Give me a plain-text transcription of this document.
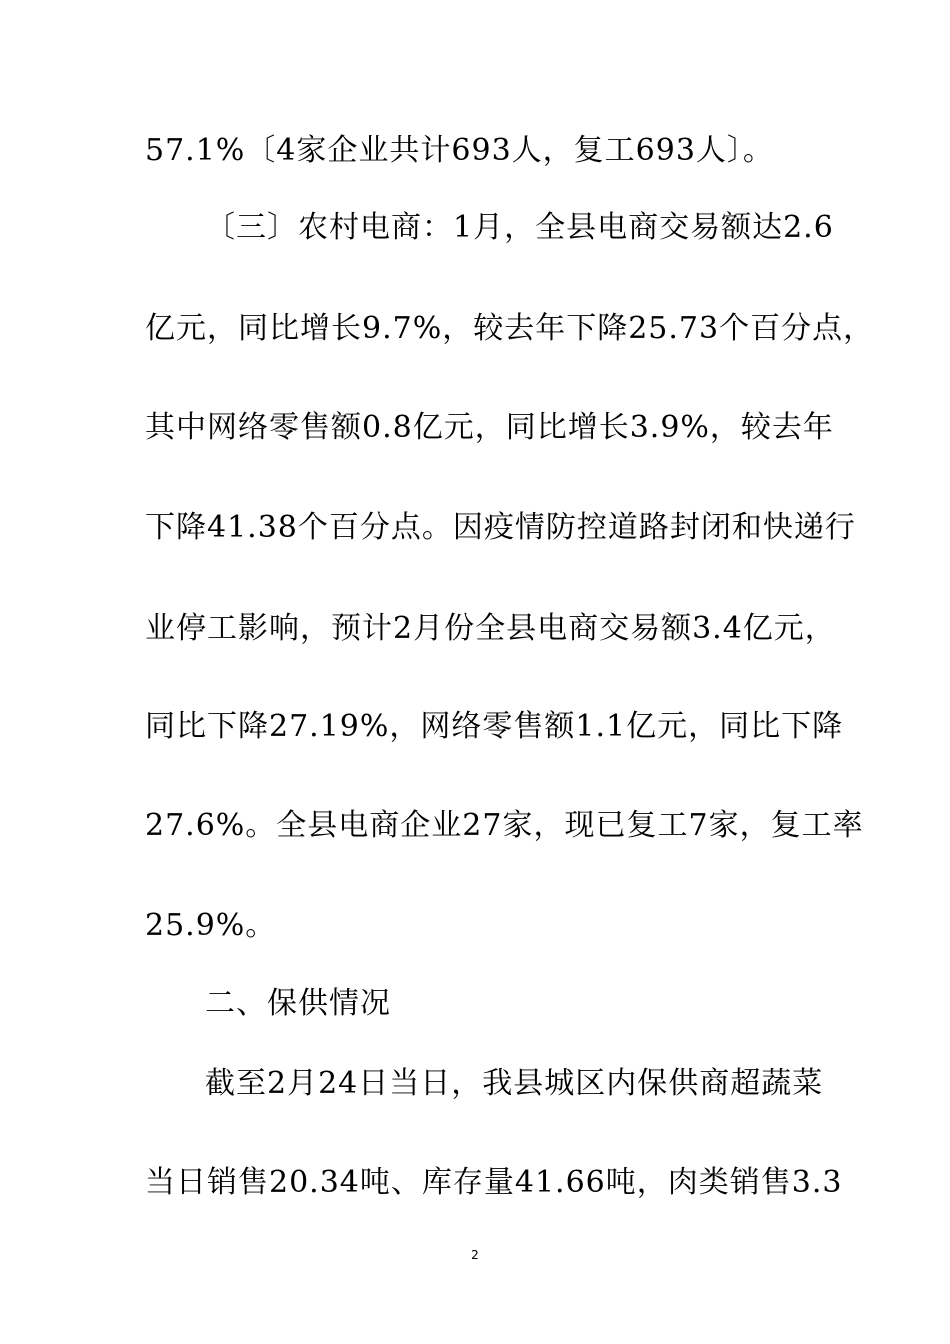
57.1%〔4家企业共计693人，复工693人〕。
〔三〕农村电商：1月，全县电商交易额达2.6
亿元，同比增长9.7%，较去年下降25.73个百分点，
其中网络零售额0.8亿元，同比增长3.9%，较去年
下降41.38个百分点。因疫情防控道路封闭和快递行
业停工影响，预计2月份全县电商交易额3.4亿元，
同比下降27.19%，网络零售额1.1亿元，同比下降
27.6%。全县电商企业27家，现已复工7家，复工率
25.9%。
二、保供情况
截至2月24日当日，我县城区内保供商超蔬菜
当日销售20.34吨、库存量41.66吨，肉类销售3.3
2
